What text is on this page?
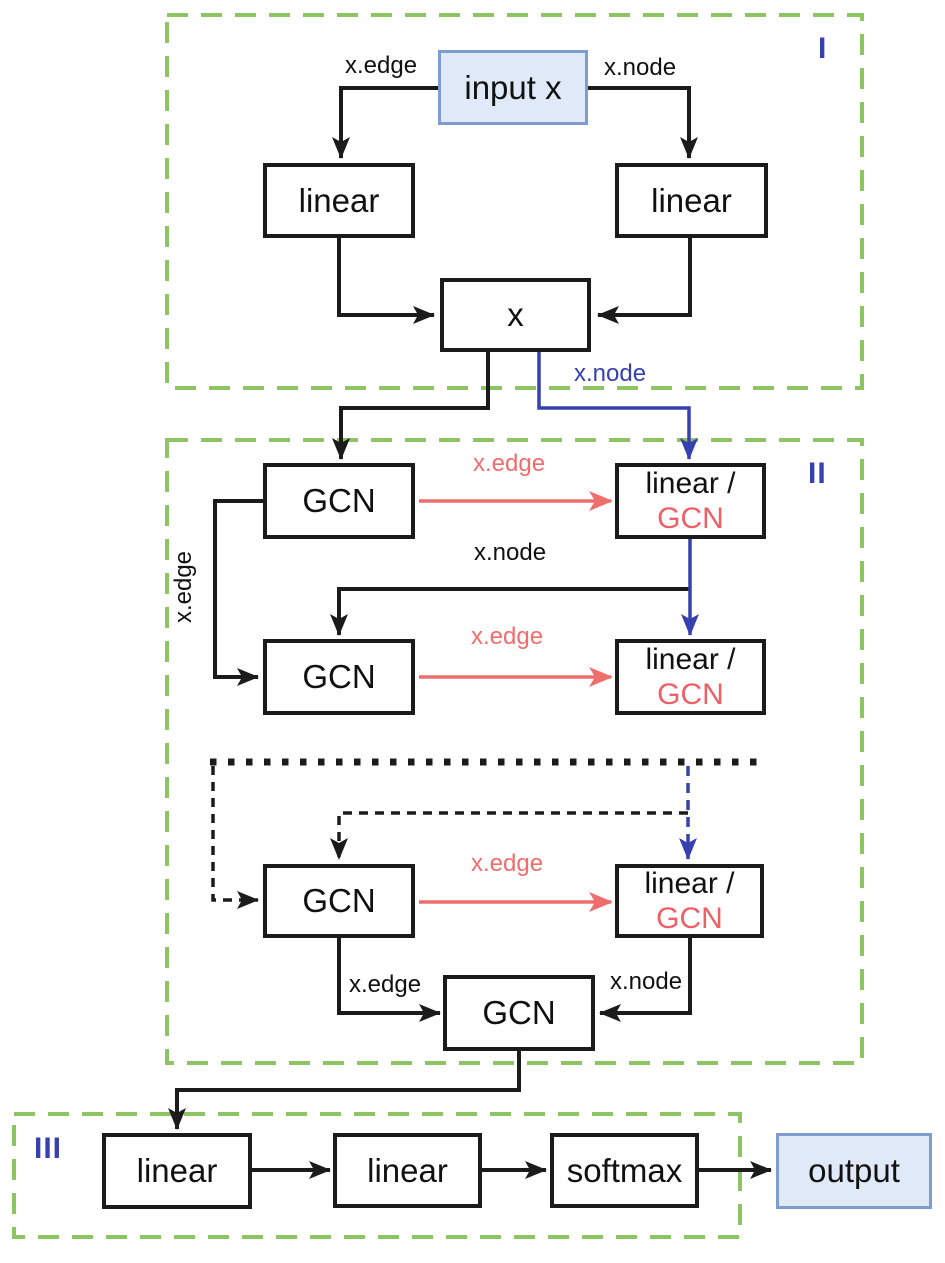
I
II
III
input x
linear	linear
x
GCN	linear /
GCN
GCN	linear /
GCN
GCN	linear /
GCN
GCN
linear	linear	softmax	output
x.edge	x.node
x.node
x.edge
x.node
x.edge
x.edge
x.edge
x.edge	x.node
